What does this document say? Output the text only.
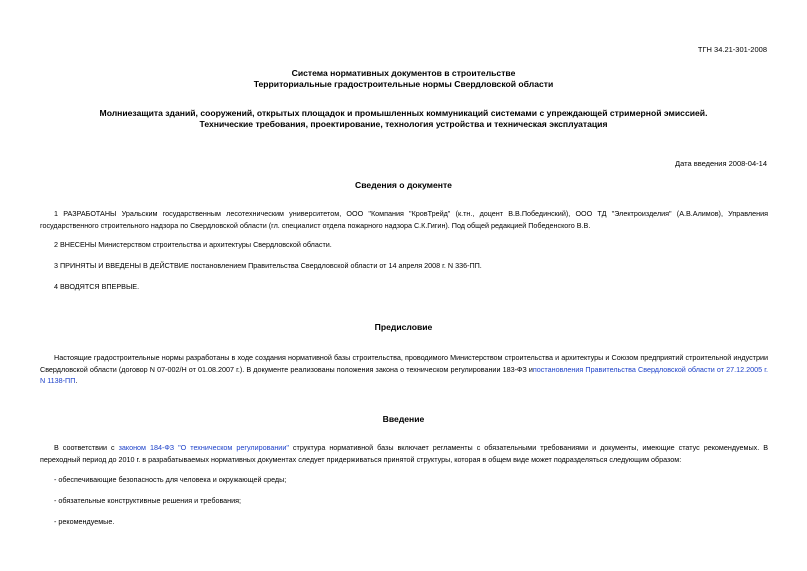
ТГН 34.21-301-2008
Система нормативных документов в строительстве
Территориальные градостроительные нормы Свердловской области
Молниезащита зданий, сооружений, открытых площадок и промышленных коммуникаций системами с упреждающей стримерной эмиссией.
Технические требования, проектирование, технология устройства и техническая эксплуатация
Дата введения 2008-04-14
Сведения о документе
1 РАЗРАБОТАНЫ Уральским государственным лесотехническим университетом, ООО "Компания "КровТрейд" (к.тн., доцент В.В.Побединский), ООО ТД "Электроизделия" (А.В.Алимов), Управления государственного строительного надзора по Свердловской области (гл. специалист отдела пожарного надзора С.К.Гигин). Под общей редакцией Победенского В.В.
2 ВНЕСЕНЫ Министерством строительства и архитектуры Свердловской области.
3 ПРИНЯТЫ И ВВЕДЕНЫ В ДЕЙСТВИЕ постановлением Правительства Свердловской области от 14 апреля 2008 г. N 336-ПП.
4 ВВОДЯТСЯ ВПЕРВЫЕ.
Предисловие
Настоящие градостроительные нормы разработаны в ходе создания нормативной базы строительства, проводимого Министерством строительства и архитектуры и Союзом предприятий строительной индустрии Свердловской области (договор N 07-002/Н от 01.08.2007 г.). В документе реализованы положения закона о техническом регулировании 183-ФЗ ипостановления Правительства Свердловской области от 27.12.2005 г. N 1138-ПП.
Введение
В соответствии с законом 184-ФЗ "О техническом регулировании" структура нормативной базы включает регламенты с обязательными требованиями и документы, имеющие статус рекомендуемых. В переходный период до 2010 г. в разрабатываемых нормативных документах следует придерживаться принятой структуры, которая в общем виде может подразделяться следующим образом:
- обеспечивающие безопасность для человека и окружающей среды;
- обязательные конструктивные решения и требования;
- рекомендуемые.
